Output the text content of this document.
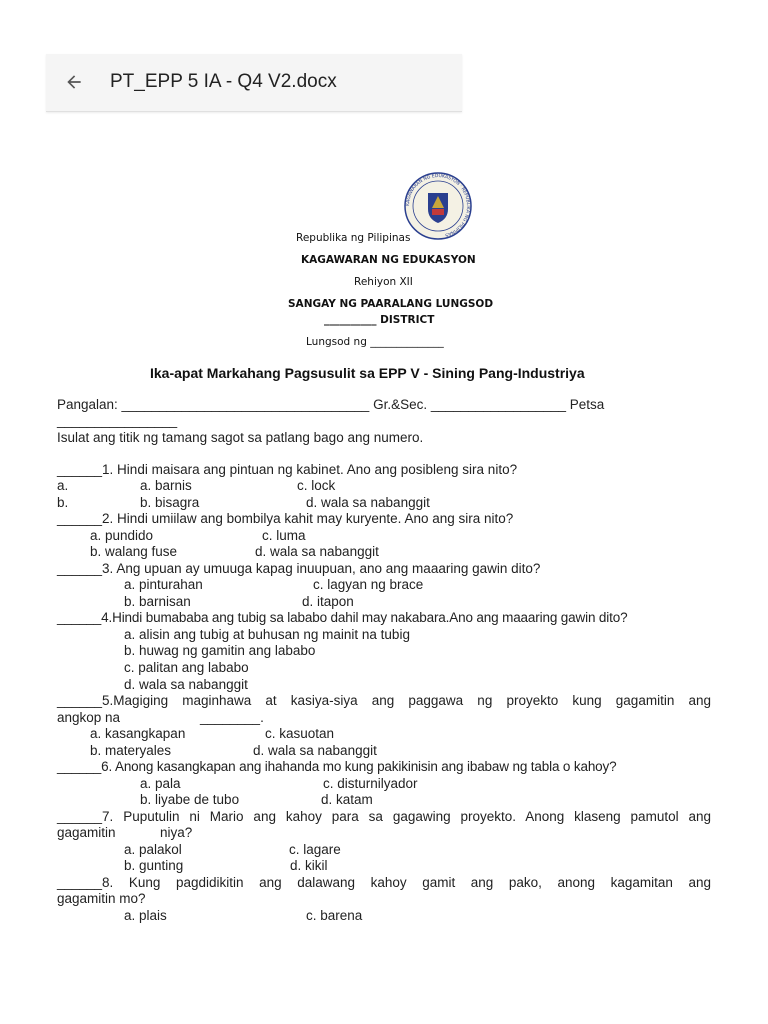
PT_EPP 5 IA - Q4 V2.docx
KAGAWARAN NG EDUKASYON · REPUBLIKA NG PILIPINAS
Republika ng Pilipinas
KAGAWARAN NG EDUKASYON
Rehiyon XII
SANGAY NG PAARALANG LUNGSOD
__________ DISTRICT
Lungsod ng ______________
Ika-apat Markahang Pagsusulit sa EPP V - Sining Pang-Industriya
Pangalan: _________________________________ Gr.&Sec. __________________ Petsa
________________
Isulat ang titik ng tamang sagot sa patlang bago ang numero.
______1. Hindi maisara ang pintuan ng kabinet. Ano ang posibleng sira nito?
a.	a. barnis	c. lock
b.	b. bisagra	d. wala sa nabanggit
______2. Hindi umiilaw ang bombilya kahit may kuryente. Ano ang sira nito?
a. pundido	c. luma
b. walang fuse	d. wala sa nabanggit
______3. Ang upuan ay umuuga kapag inuupuan, ano ang maaaring gawin dito?
a. pinturahan	c. lagyan ng brace
b. barnisan	d. itapon
______4.Hindi bumababa ang tubig sa lababo dahil may nakabara.Ano ang maaaring gawin dito?
a. alisin ang tubig at buhusan ng mainit na tubig
b. huwag ng gamitin ang lababo
c. palitan ang lababo
d. wala sa nabanggit
______5.Magiging maginhawa at kasiya-siya ang paggawa ng proyekto kung gagamitin ang
angkop na	________.
a. kasangkapan	c. kasuotan
b. materyales	d. wala sa nabanggit
______6. Anong kasangkapan ang ihahanda mo kung pakikinisin ang ibabaw ng tabla o kahoy?
a. pala	c. disturnilyador
b. liyabe de tubo	d. katam
______7. Puputulin ni Mario ang kahoy para sa gagawing proyekto. Anong klaseng pamutol ang
gagamitin	niya?
a. palakol	c. lagare
b. gunting	d. kikil
______8. Kung pagdidikitin ang dalawang kahoy gamit ang pako, anong kagamitan ang
gagamitin mo?
a. plais	c. barena
